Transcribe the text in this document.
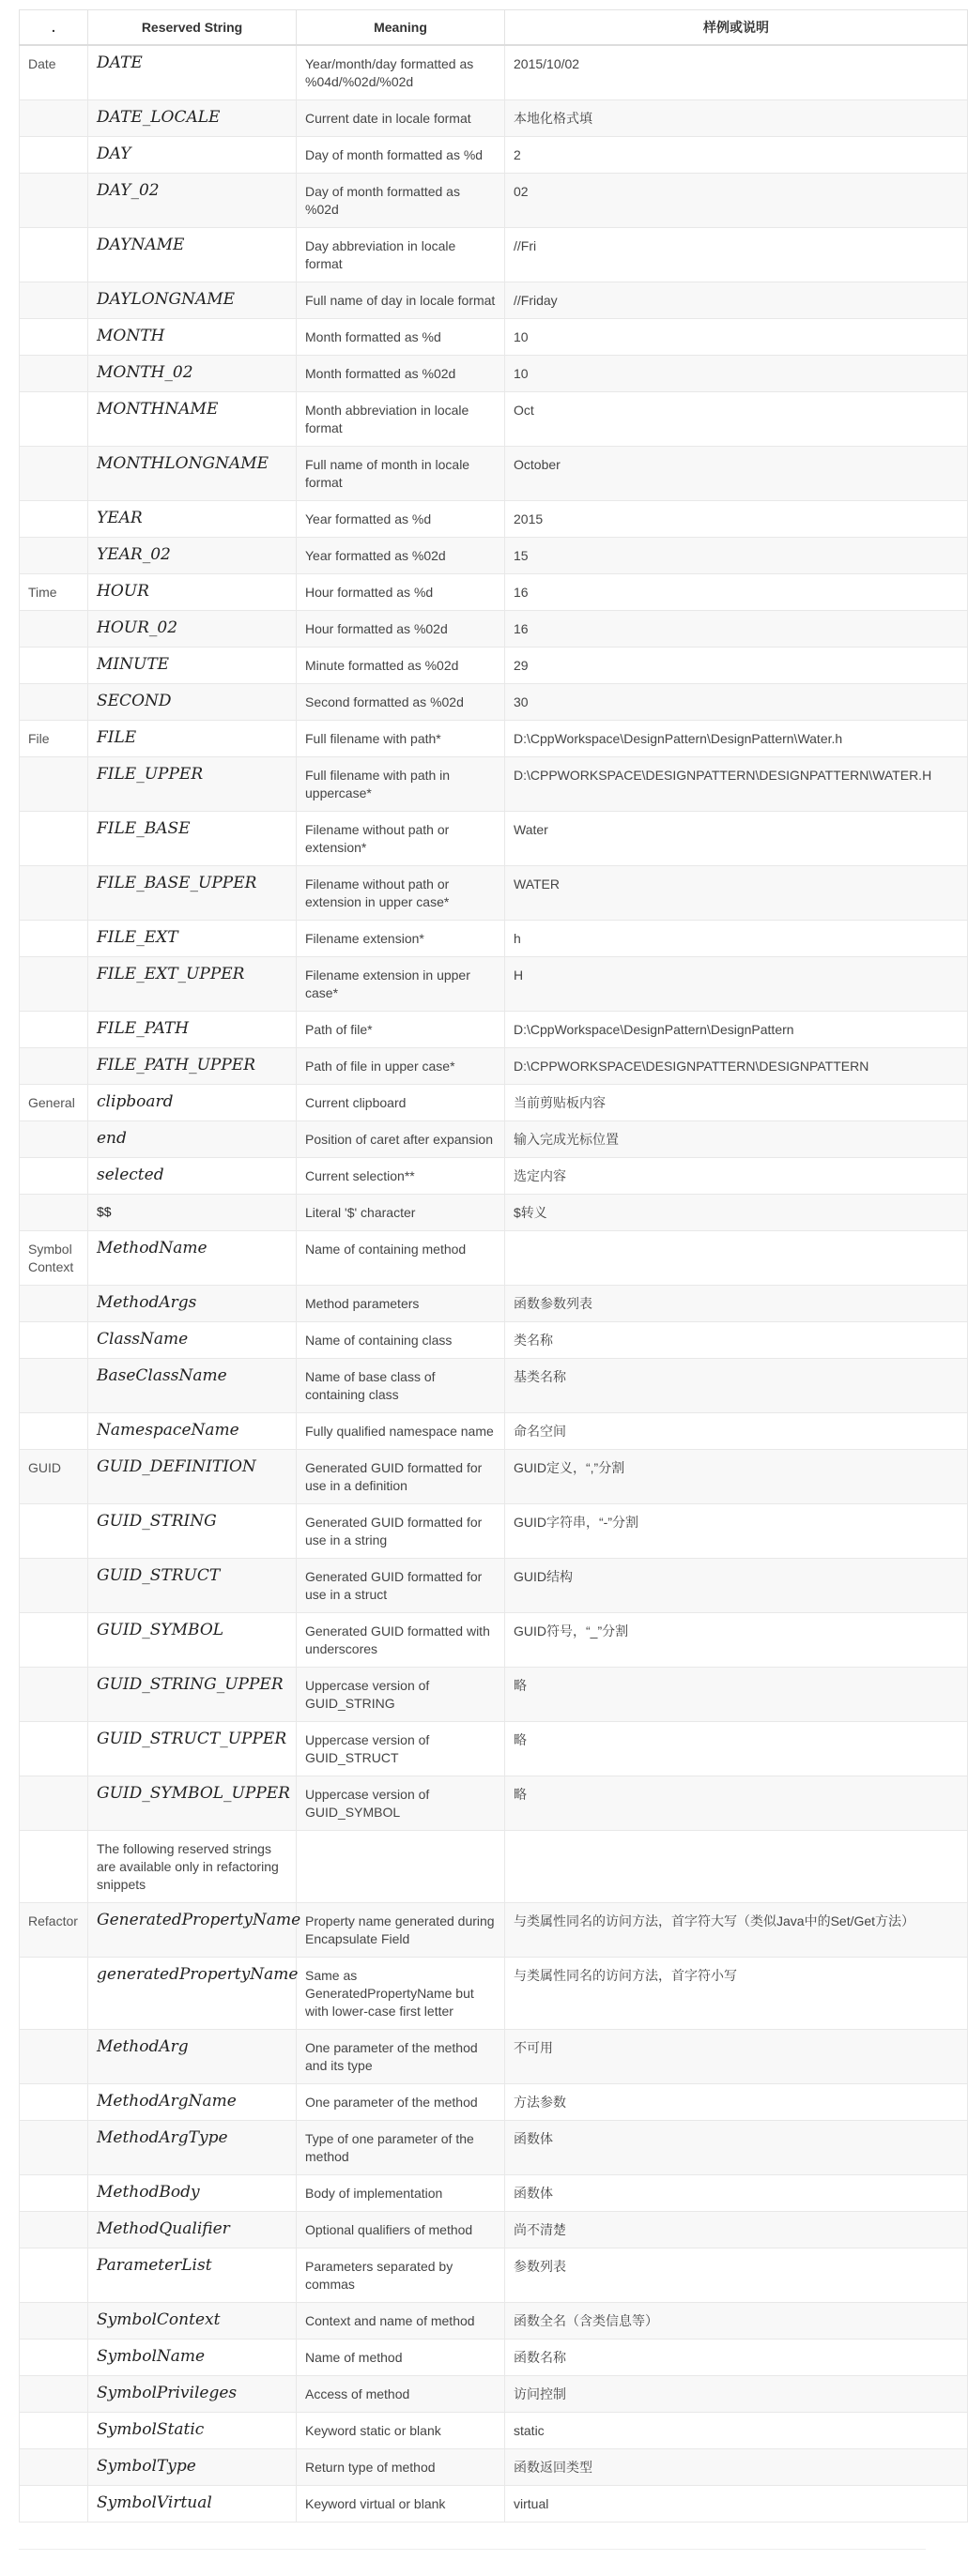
.	Reserved String	Meaning	样例或说明
Date	DATE	Year/month/day formatted as %04d/%02d/%02d	2015/10/02
	DATE_LOCALE	Current date in locale format	本地化格式填
	DAY	Day of month formatted as %d	2
	DAY_02	Day of month formatted as %02d	02
	DAYNAME	Day abbreviation in locale format	//Fri
	DAYLONGNAME	Full name of day in locale format	//Friday
	MONTH	Month formatted as %d	10
	MONTH_02	Month formatted as %02d	10
	MONTHNAME	Month abbreviation in locale format	Oct
	MONTHLONGNAME	Full name of month in locale format	October
	YEAR	Year formatted as %d	2015
	YEAR_02	Year formatted as %02d	15
Time	HOUR	Hour formatted as %d	16
	HOUR_02	Hour formatted as %02d	16
	MINUTE	Minute formatted as %02d	29
	SECOND	Second formatted as %02d	30
File	FILE	Full filename with path*	D:\CppWorkspace\DesignPattern\DesignPattern\Water.h
	FILE_UPPER	Full filename with path in uppercase*	D:\CPPWORKSPACE\DESIGNPATTERN\DESIGNPATTERN\WATER.H
	FILE_BASE	Filename without path or extension*	Water
	FILE_BASE_UPPER	Filename without path or extension in upper case*	WATER
	FILE_EXT	Filename extension*	h
	FILE_EXT_UPPER	Filename extension in upper case*	H
	FILE_PATH	Path of file*	D:\CppWorkspace\DesignPattern\DesignPattern
	FILE_PATH_UPPER	Path of file in upper case*	D:\CPPWORKSPACE\DESIGNPATTERN\DESIGNPATTERN
General	clipboard	Current clipboard	当前剪贴板内容
	end	Position of caret after expansion	输入完成光标位置
	selected	Current selection**	选定内容
	$$	Literal '$' character	$转义
Symbol Context	MethodName	Name of containing method	
	MethodArgs	Method parameters	函数参数列表
	ClassName	Name of containing class	类名称
	BaseClassName	Name of base class of containing class	基类名称
	NamespaceName	Fully qualified namespace name	命名空间
GUID	GUID_DEFINITION	Generated GUID formatted for use in a definition	GUID定义，“,”分割
	GUID_STRING	Generated GUID formatted for use in a string	GUID字符串，“-”分割
	GUID_STRUCT	Generated GUID formatted for use in a struct	GUID结构
	GUID_SYMBOL	Generated GUID formatted with underscores	GUID符号，“_”分割
	GUID_STRING_UPPER	Uppercase version of GUID_STRING	略
	GUID_STRUCT_UPPER	Uppercase version of GUID_STRUCT	略
	GUID_SYMBOL_UPPER	Uppercase version of GUID_SYMBOL	略
	The following reserved strings are available only in refactoring snippets		
Refactor	GeneratedPropertyName	Property name generated during Encapsulate Field	与类属性同名的访问方法，首字符大写（类似Java中的Set/Get方法）
	generatedPropertyName	Same as GeneratedPropertyName but with lower-case first letter	与类属性同名的访问方法，首字符小写
	MethodArg	One parameter of the method and its type	不可用
	MethodArgName	One parameter of the method	方法参数
	MethodArgType	Type of one parameter of the method	函数体
	MethodBody	Body of implementation	函数体
	MethodQualifier	Optional qualifiers of method	尚不清楚
	ParameterList	Parameters separated by commas	参数列表
	SymbolContext	Context and name of method	函数全名（含类信息等）
	SymbolName	Name of method	函数名称
	SymbolPrivileges	Access of method	访问控制
	SymbolStatic	Keyword static or blank	static
	SymbolType	Return type of method	函数返回类型
	SymbolVirtual	Keyword virtual or blank	virtual
